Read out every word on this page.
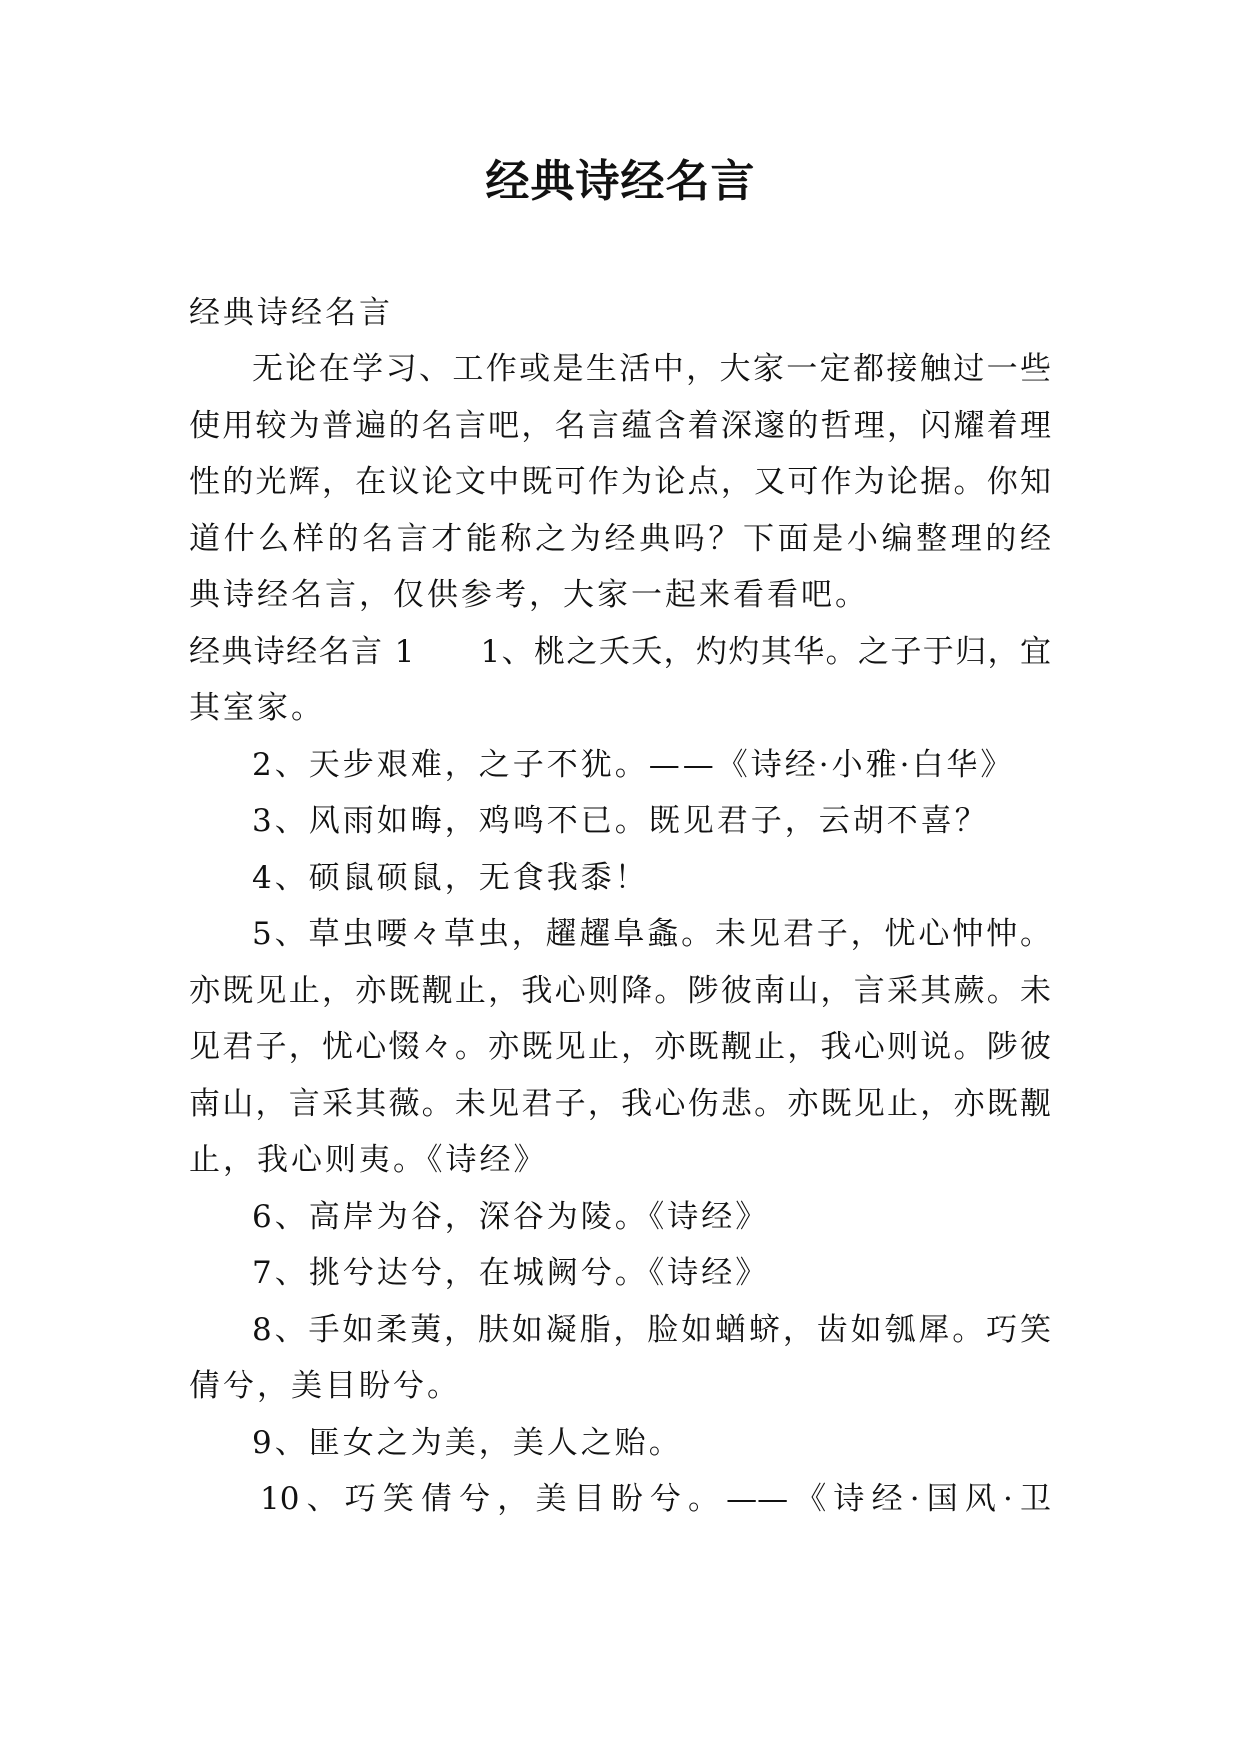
经典诗经名言
经典诗经名言
无论在学习、工作或是生活中，大家一定都接触过一些
使用较为普遍的名言吧，名言蕴含着深邃的哲理，闪耀着理
性的光辉，在议论文中既可作为论点，又可作为论据。你知
道什么样的名言才能称之为经典吗？下面是小编整理的经
典诗经名言，仅供参考，大家一起来看看吧。
经典诗经名言 1　　1、桃之夭夭，灼灼其华。之子于归，宜
其室家。
2、天步艰难，之子不犹。——《诗经·小雅·白华》
3、风雨如晦，鸡鸣不已。既见君子，云胡不喜？
4、硕鼠硕鼠，无食我黍！
5、草虫喓々草虫，趯趯阜螽。未见君子，忧心忡忡。
亦既见止，亦既觏止，我心则降。陟彼南山，言采其蕨。未
见君子，忧心惙々。亦既见止，亦既觏止，我心则说。陟彼
南山，言采其薇。未见君子，我心伤悲。亦既见止，亦既觏
止，我心则夷。《诗经》
6、高岸为谷，深谷为陵。《诗经》
7、挑兮达兮，在城阙兮。《诗经》
8、手如柔荑，肤如凝脂，脸如蝤蛴，齿如瓠犀。巧笑
倩兮，美目盼兮。
9、匪女之为美，美人之贻。
10、巧笑倩兮，美目盼兮。——《诗经·国风·卫
